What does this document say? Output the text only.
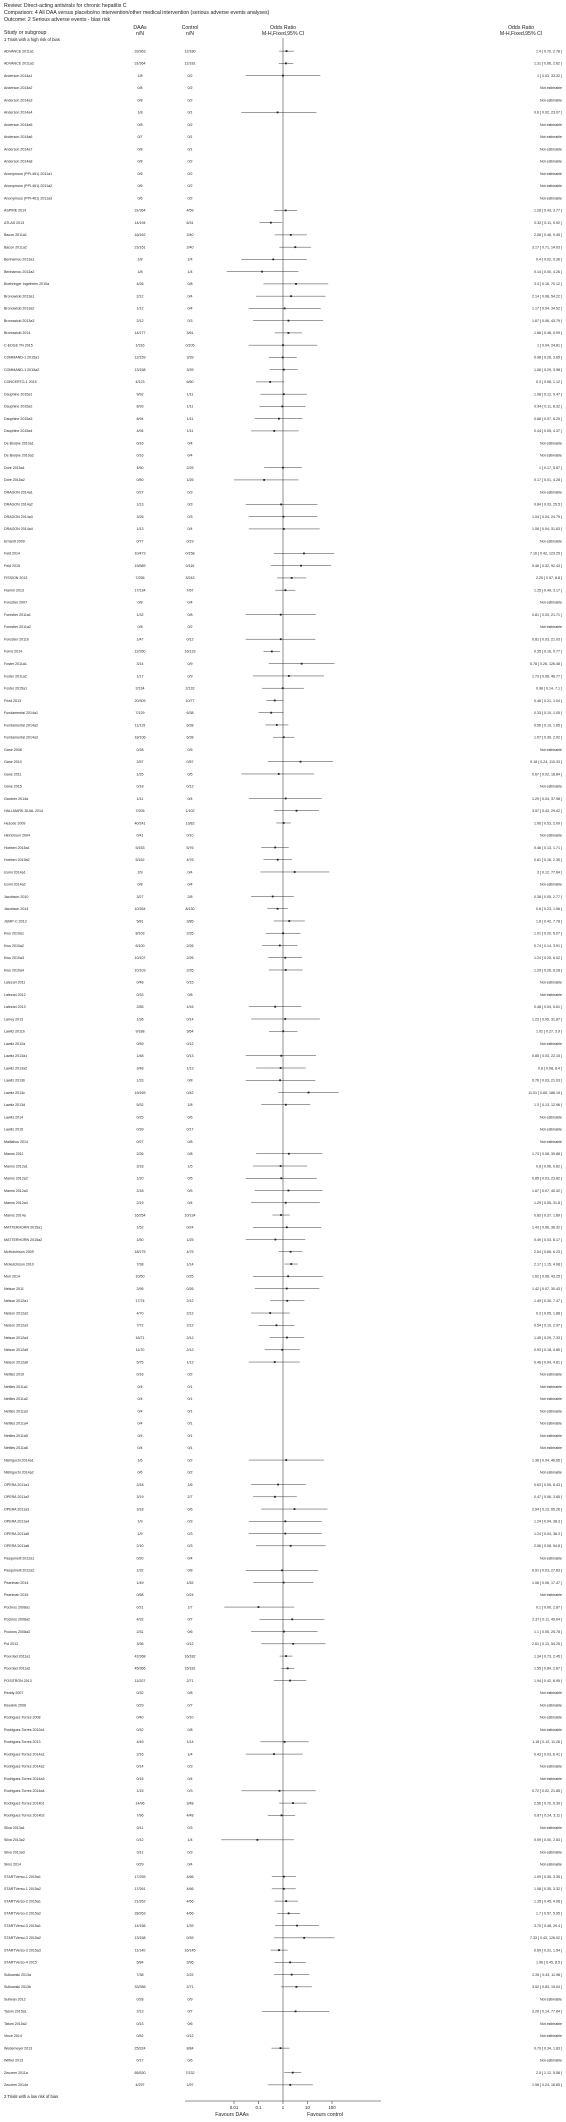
Review: Direct-acting antivirals for chronic hepatitis C
Comparison: 4 All DAA versus placebo/no intervention/other medical intervention (serious adverse events analyses)
Outcome: 2 Serious adverse events - bias risk
Study or subgroup
DAAs
n/N
Control
n/N
Odds Ratio
M-H,Fixed,95% CI
Odds Ratio
M-H,Fixed,95% CI
1 Trials with a high risk of bias
ADVANCE 2011a1	33/363	12/180	1.4 [ 0.70, 2.78 ]
ADVANCE 2011a2	31/364	12/181	1.31 [ 0.66, 2.62 ]
Anderson 2014a1	1/8	0/2	1 [ 0.03, 33.32 ]
Anderson 2014a2	0/8	0/2	Not estimable
Anderson 2014a3	0/8	0/2	Not estimable
Anderson 2014a4	1/8	0/1	0.6 [ 0.02, 23.07 ]
Anderson 2014a5	0/8	0/2	Not estimable
Anderson 2014a6	0/7	0/1	Not estimable
Anderson 2014a7	0/8	0/1	Not estimable
Anderson 2014a8	0/8	0/2	Not estimable
Anonymous (PPI-461) 2011a1	0/6	0/2	Not estimable
Anonymous (PPI-461) 2011a2	0/6	0/2	Not estimable
Anonymous (PPI-461) 2011a3	0/6	0/2	Not estimable
ASPIRE 2014	31/364	4/59	1.28 [ 0.43, 3.77 ]
ATLAS 2013	14/194	6/31	0.32 [ 0.11, 0.92 ]
Bacon 2011a1	16/162	2/40	2.08 [ 0.46, 9.45 ]
Bacon 2011a2	23/161	2/40	3.17 [ 0.71, 14.03 ]
Benhamou 2013a1	1/8	1/4	0.4 [ 0.02, 9.36 ]
Benhamou 2013a2	1/8	1/4	0.14 [ 0.00, 4.26 ]
Boehringer Ingelheim 2010a	4/26	0/8	3.4 [ 0.16, 70.12 ]
Bronowicki 2013a1	2/12	0/4	2.14 [ 0.08, 54.22 ]
Bronowicki 2013a2	1/12	0/4	1.17 [ 0.04, 34.52 ]
Bronowicki 2013a3	2/12	0/3	1.67 [ 0.06, 43.79 ]
Bronowicki 2014	14/177	3/61	1.66 [ 0.46, 5.99 ]
C-EDGE TN 2015	1/316	0/105	1 [ 0.04, 24.81 ]
COMMAND-1 2015a1	12/159	3/39	0.98 [ 0.26, 3.65 ]
COMMAND-1 2015a2	13/158	3/39	1.08 [ 0.29, 3.98 ]
CONCERTO-1 2015	4/123	6/60	0.3 [ 0.08, 1.12 ]
Dauphine 2015a1	9/92	1/11	1.08 [ 0.12, 9.47 ]
Dauphine 2015a2	8/93	1/11	0.94 [ 0.11, 8.32 ]
Dauphine 2015a3	6/94	1/11	0.68 [ 0.07, 6.25 ]
Dauphine 2015a4	4/94	1/11	0.44 [ 0.05, 4.37 ]
De Bruijne 2010a1	0/16	0/4	Not estimable
De Bruijne 2010a2	0/16	0/4	Not estimable
Dore 2015a1	4/50	2/25	1 [ 0.17, 5.87 ]
Dore 2015a2	0/50	1/26	0.17 [ 0.01, 4.28 ]
DRAGON 2014a1	0/27	0/3	Not estimable
DRAGON 2014a2	1/13	0/3	0.84 [ 0.03, 25.5 ]
DRAGON 2014a3	3/26	0/3	1.04 [ 0.04, 24.79 ]
DRAGON 2014a4	1/13	0/4	1.08 [ 0.04, 31.63 ]
Erhardt 2009	0/77	0/19	Not estimable
Feld 2014	10/473	0/158	7.16 [ 0.42, 123.25 ]
Feld 2015	19/589	0/116	5.46 [ 0.32, 92.43 ]
FISSION 2013	7/256	3/243	2.25 [ 0.57, 8.8 ]
Flamm 2013	17/134	7/67	1.25 [ 0.49, 3.17 ]
Forestier 2007	0/8	0/4	Not estimable
Forestier 2011a1	1/32	0/8	0.81 [ 0.03, 21.71 ]
Forestier 2011a2	0/8	0/2	Not estimable
Forestier 2011b	1/47	0/12	0.81 [ 0.03, 21.03 ]
Forns 2014	12/260	16/133	0.35 [ 0.16, 0.77 ]
Foster 2011a1	3/14	0/9	5.78 [ 0.26, 126.48 ]
Foster 2011a2	1/17	0/9	1.73 [ 0.06, 46.77 ]
Foster 2015a1	2/134	2/132	0.98 [ 0.14, 7.1 ]
Fried 2013	20/309	10/77	0.46 [ 0.21, 1.04 ]
Fundamental 2014a1	7/129	6/38	0.33 [ 0.10, 1.05 ]
Fundamental 2014a2	11/115	6/38	0.56 [ 0.19, 1.65 ]
Fundamental 2014a3	18/106	6/38	1.07 [ 0.39, 2.92 ]
Gane 2008	0/28	0/5	Not estimable
Gane 2010	2/57	0/57	5.18 [ 0.24, 110.33 ]
Gane 2011	1/25	0/5	0.67 [ 0.02, 18.84 ]
Gane 2015	0/18	0/12	Not estimable
Gardner 2014a	1/11	0/4	1.29 [ 0.04, 37.98 ]
HALLMARK-DUAL 2014	7/205	1/102	3.57 [ 0.43, 29.42 ]
Hezode 2009	40/241	13/82	1.06 [ 0.53, 2.09 ]
Hinrichsen 2004	0/41	0/10	Not estimable
Hoeben 2015a1	5/153	5/76	0.48 [ 0.13, 1.71 ]
Hoeben 2015a2	5/152	4/76	0.61 [ 0.16, 2.35 ]
Izumi 2014a1	2/9	0/4	3 [ 0.12, 77.64 ]
Izumi 2014a2	0/8	0/4	Not estimable
Jacobson 2010	3/27	2/8	0.38 [ 0.05, 2.77 ]
Jacobson 2014	10/264	8/130	0.6 [ 0.23, 1.56 ]
JUMP-C 2013	5/81	3/85	1.8 [ 0.42, 7.78 ]
Kwo 2010a1	8/103	2/26	1.01 [ 0.20, 5.07 ]
Kwo 2010a2	6/100	2/26	0.74 [ 0.14, 3.91 ]
Kwo 2010a3	10/107	2/26	1.24 [ 0.25, 6.02 ]
Kwo 2010a4	10/103	2/26	1.29 [ 0.26, 6.28 ]
Lalezari 2011	0/48	0/15	Not estimable
Lalezari 2012	0/33	0/8	Not estimable
Lalezari 2013	2/65	1/16	0.48 [ 0.04, 5.61 ]
Larrey 2013	1/36	0/14	1.23 [ 0.05, 31.87 ]
Lawitz 2011b	9/188	3/64	1.02 [ 0.27, 3.9 ]
Lawitz 2012a	0/59	0/12	Not estimable
Lawitz 2013a1	1/48	0/13	0.85 [ 0.03, 22.15 ]
Lawitz 2013a2	3/48	1/13	0.8 [ 0.08, 8.4 ]
Lawitz 2013b	1/33	0/8	0.76 [ 0.03, 21.03 ]
Lawitz 2013c	19/169	0/42	11.01 [ 0.65, 186.19 ]
Lawitz 2013d	5/32	1/8	1.3 [ 0.13, 12.96 ]
Lawitz 2014	0/25	0/6	Not estimable
Lawitz 2015	0/39	0/17	Not estimable
Maillaliou 2014	0/27	0/8	Not estimable
Manns 2011	2/26	0/8	1.73 [ 0.08, 39.88 ]
Manns 2012a1	3/18	1/5	0.8 [ 0.06, 9.82 ]
Manns 2012a2	1/20	0/5	0.85 [ 0.03, 23.82 ]
Manns 2012a3	2/18	0/5	1.67 [ 0.07, 40.32 ]
Manns 2012a4	2/19	0/4	1.29 [ 0.05, 31.8 ]
Manns 2014a	16/254	10/134	0.83 [ 0.37, 1.89 ]
MATTERHORN 2015a1	1/52	0/24	1.43 [ 0.06, 36.32 ]
MATTERHORN 2015a2	1/50	1/25	0.49 [ 0.03, 8.17 ]
McHutchison 2009	18/175	4/75	2.04 [ 0.66, 6.23 ]
McHutchison 2010	7/38	1/14	2.17 [ 1.15, 4.08 ]
Muir 2014	10/50	0/25	1.62 [ 0.06, 43.25 ]
Nelson 2011	2/95	0/26	1.42 [ 0.07, 30.43 ]
Nelson 2012a1	17/74	2/12	1.49 [ 0.30, 7.47 ]
Nelson 2012a2	4/70	2/12	0.3 [ 0.05, 1.88 ]
Nelson 2012a3	7/72	2/12	0.54 [ 0.10, 2.97 ]
Nelson 2012a4	16/71	2/12	1.45 [ 0.29, 7.33 ]
Nelson 2012a5	11/70	2/12	0.93 [ 0.18, 4.85 ]
Nelson 2012a6	5/75	1/12	0.46 [ 0.04, 4.81 ]
Nettles 2010	0/16	0/2	Not estimable
Nettles 2011a1	0/4	0/1	Not estimable
Nettles 2011a2	0/4	0/1	Not estimable
Nettles 2011a3	0/4	0/1	Not estimable
Nettles 2011a4	0/4	0/1	Not estimable
Nettles 2011a5	0/4	0/1	Not estimable
Nettles 2011a6	0/4	0/1	Not estimable
Nishiguchi 2014a1	1/6	0/2	1.36 [ 0.04, 46.65 ]
Nishiguchi 2014a2	0/6	0/2	Not estimable
OPERA 2011a1	2/18	1/6	0.63 [ 0.05, 8.43 ]
OPERA 2011a2	3/19	2/7	0.47 [ 0.06, 3.65 ]
OPERA 2011a3	3/18	0/6	2.94 [ 0.13, 65.26 ]
OPERA 2011a4	1/9	0/3	1.24 [ 0.04, 38.3 ]
OPERA 2011a5	1/9	0/3	1.24 [ 0.04, 38.3 ]
OPERA 2011a6	2/10	0/3	2.06 [ 0.08, 54.8 ]
Pasquinelli 2012a1	0/20	0/4	Not estimable
Pasquinelli 2012a2	1/32	0/8	0.91 [ 0.03, 27.83 ]
Pearlman 2014	1/49	1/52	1.06 [ 0.06, 17.47 ]
Pearlman 2015	0/58	0/24	Not estimable
Pockros 2008a1	0/21	1/7	0.1 [ 0.00, 2.87 ]
Pockros 2008a2	4/32	0/7	2.37 [ 0.11, 49.04 ]
Pockros 2008a3	2/31	0/6	1.1 [ 0.05, 25.78 ]
Pol 2012	3/36	0/12	2.61 [ 0.13, 54.25 ]
Poordad 2011a1	42/368	16/182	1.34 [ 0.73, 2.45 ]
Poordad 2011a2	45/366	15/181	1.55 [ 0.84, 2.87 ]
POSITRON 2013	11/207	2/71	1.94 [ 0.42, 8.95 ]
Reddy 2007	0/32	0/8	Not estimable
Reesink 2006	0/29	0/7	Not estimable
Rodriguez-Torres 2008	0/40	0/10	Not estimable
Rodriguez-Torres 2012a1	0/32	0/8	Not estimable
Rodriguez-Torres 2013	4/49	1/14	1.16 [ 0.12, 11.26 ]
Rodriguez-Torres 2014a1	2/16	1/4	0.43 [ 0.03, 6.41 ]
Rodriguez-Torres 2014a2	0/14	0/3	Not estimable
Rodriguez-Torres 2014a3	0/15	0/4	Not estimable
Rodriguez-Torres 2014a4	1/15	0/3	0.72 [ 0.02, 21.85 ]
Rodriguez-Torres 2014b1	14/96	3/48	2.56 [ 0.70, 9.39 ]
Rodriguez-Torres 2014b2	7/96	4/48	0.87 [ 0.24, 3.11 ]
Silva 2013a1	0/11	0/3	Not estimable
Silva 2013a2	0/12	1/4	0.09 [ 0.00, 2.83 ]
Silva 2013a3	0/11	0/3	Not estimable
Sims 2014	0/29	0/4	Not estimable
STARTVerso-1 2015a1	17/259	4/66	1.09 [ 0.35, 3.35 ]
STARTVerso-1 2015a2	17/261	4/66	1.08 [ 0.35, 3.32 ]
STARTVerso-2 2015a1	21/262	4/66	1.35 [ 0.45, 4.08 ]
STARTVerso-2 2015a2	28/263	4/66	1.7 [ 0.57, 5.05 ]
STARTVerso-3 2015a1	14/156	1/39	3.75 [ 0.48, 29.4 ]
STARTVerso-3 2015a2	13/158	0/39	7.33 [ 0.43, 126.02 ]
STARTVerso-3 2015a3	11/140	16/145	0.69 [ 0.31, 1.54 ]
STARTVerso-4 2015	5/84	3/96	1.96 [ 0.45, 8.5 ]
Sulkowski 2013a	7/38	2/22	2.26 [ 0.43, 11.98 ]
Sulkowski 2013b	33/356	2/71	3.52 [ 0.83, 15.04 ]
Sullivan 2012	0/28	0/9	Not estimable
Tatum 2015a1	2/13	0/7	3.26 [ 0.14, 77.84 ]
Tatum 2015a2	0/13	0/6	Not estimable
Vince 2014	0/52	0/12	Not estimable
Wedemeyer 2013	25/324	8/84	0.79 [ 0.34, 1.83 ]
Wilfret 2013	0/17	0/6	Not estimable
Zeuzem 2011a	65/530	7/132	2.5 [ 1.12, 5.58 ]
Zeuzem 2014a	4/297	1/97	1.98 [ 0.24, 16.65 ]
2 Trials with a low risk of bias
0.01	0.1	1	10	100
Favours DAAs	Favours control
